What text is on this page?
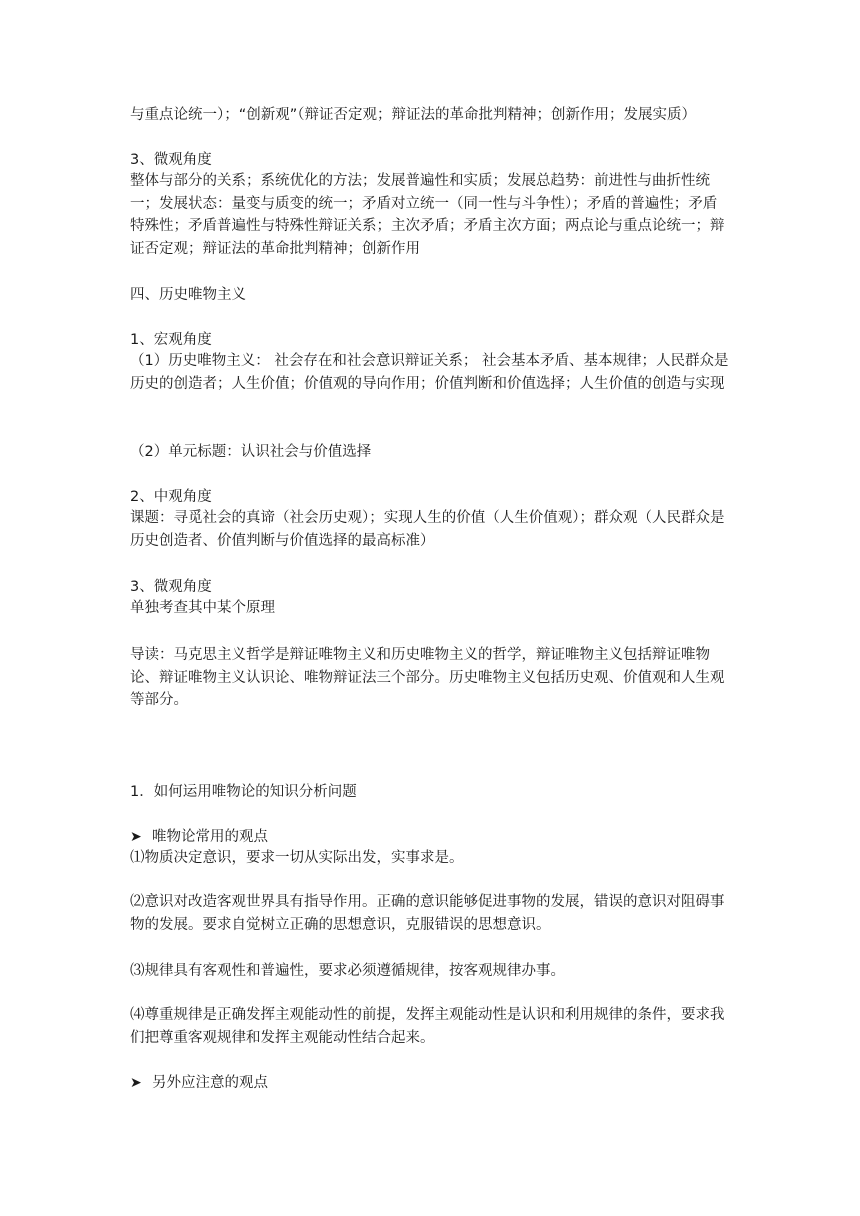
与重点论统一）；“创新观”（辩证否定观；辩证法的革命批判精神；创新作用；发展实质）
3、微观角度
整体与部分的关系；系统优化的方法；发展普遍性和实质；发展总趋势：前进性与曲折性统一；发展状态：量变与质变的统一；矛盾对立统一（同一性与斗争性）；矛盾的普遍性；矛盾特殊性；矛盾普遍性与特殊性辩证关系；主次矛盾；矛盾主次方面；两点论与重点论统一；辩证否定观；辩证法的革命批判精神；创新作用
四、历史唯物主义
1、宏观角度
（1）历史唯物主义： 社会存在和社会意识辩证关系； 社会基本矛盾、基本规律；人民群众是历史的创造者；人生价值；价值观的导向作用；价值判断和价值选择；人生价值的创造与实现
（2）单元标题：认识社会与价值选择
2、中观角度
课题：寻觅社会的真谛（社会历史观）；实现人生的价值（人生价值观）；群众观（人民群众是历史创造者、价值判断与价值选择的最高标准）
3、微观角度
单独考查其中某个原理
导读：马克思主义哲学是辩证唯物主义和历史唯物主义的哲学，辩证唯物主义包括辩证唯物论、辩证唯物主义认识论、唯物辩证法三个部分。历史唯物主义包括历史观、价值观和人生观等部分。
1．如何运用唯物论的知识分析问题
➤ 唯物论常用的观点
⑴物质决定意识，要求一切从实际出发，实事求是。
⑵意识对改造客观世界具有指导作用。正确的意识能够促进事物的发展，错误的意识对阻碍事物的发展。要求自觉树立正确的思想意识，克服错误的思想意识。
⑶规律具有客观性和普遍性，要求必须遵循规律，按客观规律办事。
⑷尊重规律是正确发挥主观能动性的前提，发挥主观能动性是认识和利用规律的条件，要求我们把尊重客观规律和发挥主观能动性结合起来。
➤ 另外应注意的观点
